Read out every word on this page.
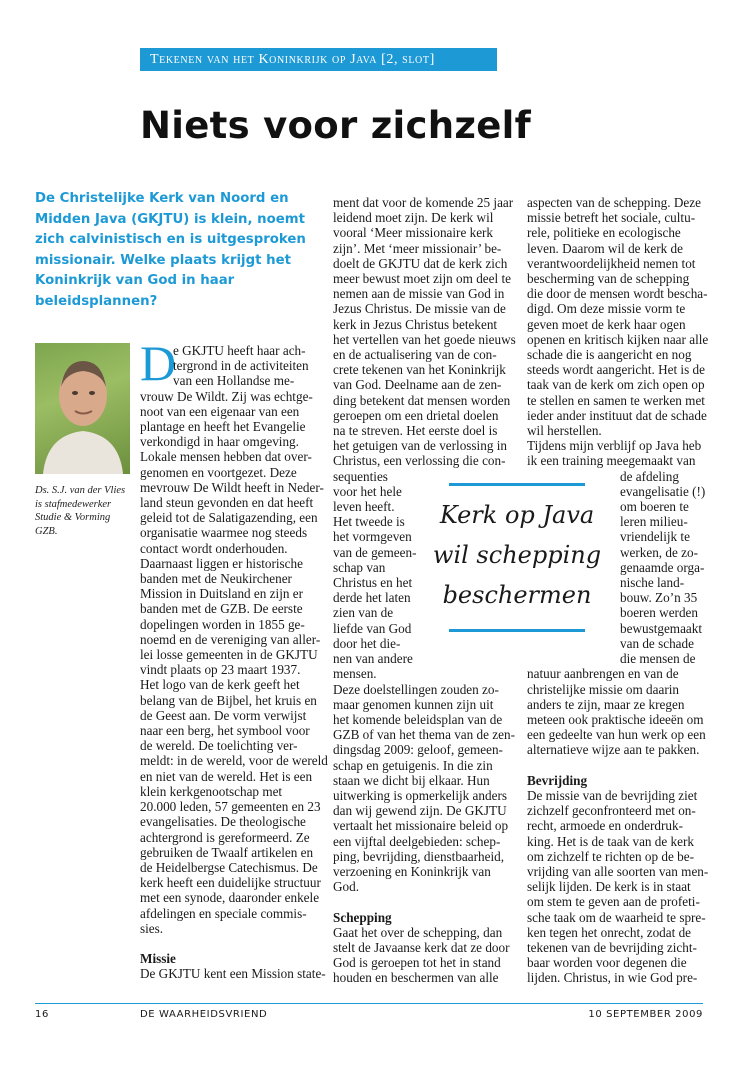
Tekenen van het Koninkrijk op Java [2, slot]
Niets voor zichzelf

De Christelijke Kerk van Noord en Midden Java (GKJTU) is klein, noemt zich calvinistisch en is uitgesproken missionair. Welke plaats krijgt het Koninkrijk van God in haar beleidsplannen?

Ds. S.J. van der Vlies is stafmedewerker Studie & Vorming GZB.

D

e GKJTU heeft haar ach-

tergrond in de activiteiten

van een Hollandse me-

vrouw De Wildt. Zij was echtge-

noot van een eigenaar van een

plantage en heeft het Evangelie

verkondigd in haar omgeving.

Lokale mensen hebben dat over-

genomen en voortgezet. Deze

mevrouw De Wildt heeft in Neder-

land steun gevonden en dat heeft

geleid tot de Salatigazending, een

organisatie waarmee nog steeds

contact wordt onderhouden.

Daarnaast liggen er historische

banden met de Neukirchener

Mission in Duitsland en zijn er

banden met de GZB. De eerste

dopelingen worden in 1855 ge-

noemd en de vereniging van aller-

lei losse gemeenten in de GKJTU

vindt plaats op 23 maart 1937.

Het logo van de kerk geeft het

belang van de Bijbel, het kruis en

de Geest aan. De vorm verwijst

naar een berg, het symbool voor

de wereld. De toelichting ver-

meldt: in de wereld, voor de wereld

en niet van de wereld. Het is een

klein kerkgenootschap met

20.000 leden, 57 gemeenten en 23

evangelisaties. De theologische

achtergrond is gereformeerd. Ze

gebruiken de Twaalf artikelen en

de Heidelbergse Catechismus. De

kerk heeft een duidelijke structuur

met een synode, daaronder enkele

afdelingen en speciale commis-

sies.

Missie

De GKJTU kent een Mission state-

ment dat voor de komende 25 jaar

leidend moet zijn. De kerk wil

vooral ‘Meer missionaire kerk

zijn’. Met ‘meer missionair’ be-

doelt de GKJTU dat de kerk zich

meer bewust moet zijn om deel te

nemen aan de missie van God in

Jezus Christus. De missie van de

kerk in Jezus Christus betekent

het vertellen van het goede nieuws

en de actualisering van de con-

crete tekenen van het Koninkrijk

van God. Deelname aan de zen-

ding betekent dat mensen worden

geroepen om een drietal doelen

na te streven. Het eerste doel is

het getuigen van de verlossing in

Christus, een verlossing die con-

sequenties

voor het hele

leven heeft.

Het tweede is

het vormgeven

van de gemeen-

schap van

Christus en het

derde het laten

zien van de

liefde van God

door het die-

nen van andere

mensen.

Deze doelstellingen zouden zo-

maar genomen kunnen zijn uit

het komende beleidsplan van de

GZB of van het thema van de zen-

dingsdag 2009: geloof, gemeen-

schap en getuigenis. In die zin

staan we dicht bij elkaar. Hun

uitwerking is opmerkelijk anders

dan wij gewend zijn. De GKJTU

vertaalt het missionaire beleid op

een vijftal deelgebieden: schep-

ping, bevrijding, dienstbaarheid,

verzoening en Koninkrijk van

God.

Schepping

Gaat het over de schepping, dan

stelt de Javaanse kerk dat ze door

God is geroepen tot het in stand

houden en beschermen van alle

aspecten van de schepping. Deze

missie betreft het sociale, cultu-

rele, politieke en ecologische

leven. Daarom wil de kerk de

verantwoordelijkheid nemen tot

bescherming van de schepping

die door de mensen wordt bescha-

digd. Om deze missie vorm te

geven moet de kerk haar ogen

openen en kritisch kijken naar alle

schade die is aangericht en nog

steeds wordt aangericht. Het is de

taak van de kerk om zich open op

te stellen en samen te werken met

ieder ander instituut dat de schade

wil herstellen.

Tijdens mijn verblijf op Java heb

ik een training meegemaakt van

de afdeling

evangelisatie (!)

om boeren te

leren milieu-

vriendelijk te

werken, de zo-

genaamde orga-

nische land-

bouw. Zo’n 35

boeren werden

bewustgemaakt

van de schade

die mensen de

natuur aanbrengen en van de

christelijke missie om daarin

anders te zijn, maar ze kregen

meteen ook praktische ideeën om

een gedeelte van hun werk op een

alternatieve wijze aan te pakken.

Bevrijding

De missie van de bevrijding ziet

zichzelf geconfronteerd met on-

recht, armoede en onderdruk-

king. Het is de taak van de kerk

om zichzelf te richten op de be-

vrijding van alle soorten van men-

selijk lijden. De kerk is in staat

om stem te geven aan de profeti-

sche taak om de waarheid te spre-

ken tegen het onrecht, zodat de

tekenen van de bevrijding zicht-

baar worden voor degenen die

lijden. Christus, in wie God pre-

Kerk op Java

wil schepping

beschermen

16	DE WAARHEIDSVRIEND	10 SEPTEMBER 2009
